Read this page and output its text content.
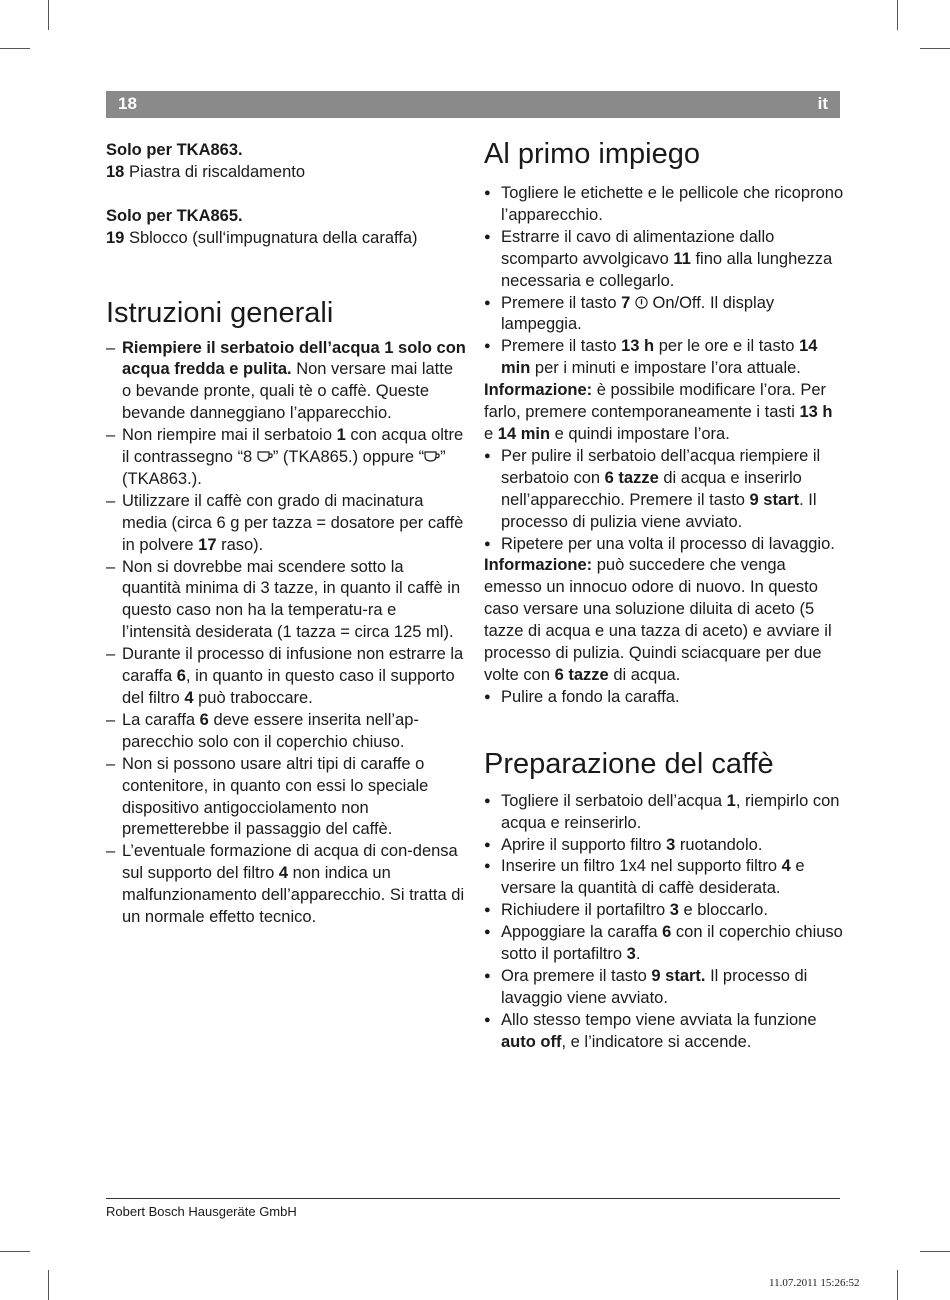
18	it

Solo per TKA863.
18 Piastra di riscaldamento

Solo per TKA865.
19 Sblocco (sull‘impugnatura della caraffa)

Istruzioni generali
– Riempiere il serbatoio dell’acqua 1 solo con acqua fredda e pulita. Non versare mai latte o bevande pronte, quali tè o caffè. Queste bevande danneggiano l’apparecchio.
– Non riempire mai il serbatoio 1 con acqua oltre il contrassegno “8 ” (TKA865.) oppure “ ” (TKA863.).
– Utilizzare il caffè con grado di macinatura media (circa 6 g per tazza = dosatore per caffè in polvere 17 raso).
– Non si dovrebbe mai scendere sotto la quantità minima di 3 tazze, in quanto il caffè in questo caso non ha la temperatu-ra e l’intensità desiderata (1 tazza = circa 125 ml).
– Durante il processo di infusione non estrarre la caraffa 6, in quanto in questo caso il supporto del filtro 4 può traboccare.
– La caraffa 6 deve essere inserita nell’ap-parecchio solo con il coperchio chiuso.
– Non si possono usare altri tipi di caraffe o contenitore, in quanto con essi lo speciale dispositivo antigocciolamento non premetterebbe il passaggio del caffè.
– L’eventuale formazione di acqua di con-densa sul supporto del filtro 4 non indica un malfunzionamento dell’apparecchio. Si tratta di un normale effetto tecnico.
Al primo impiego
● Togliere le etichette e le pellicole che ricoprono l’apparecchio.
● Estrarre il cavo di alimentazione dallo scomparto avvolgicavo 11 fino alla lunghezza necessaria e collegarlo.
● Premere il tasto 7  On/Off. Il display lampeggia.
● Premere il tasto 13 h per le ore e il tasto 14 min per i minuti e impostare l’ora attuale.

Informazione: è possibile modificare l’ora. Per farlo, premere contemporaneamente i tasti 13 h e 14 min e quindi impostare l’ora.

● Per pulire il serbatoio dell’acqua riempiere il serbatoio con 6 tazze di acqua e inserirlo nell’apparecchio. Premere il tasto 9 start. Il processo di pulizia viene avviato.
● Ripetere per una volta il processo di lavaggio.

Informazione: può succedere che venga emesso un innocuo odore di nuovo. In questo caso versare una soluzione diluita di aceto (5 tazze di acqua e una tazza di aceto) e avviare il processo di pulizia. Quindi sciacquare per due volte con 6 tazze di acqua.

● Pulire a fondo la caraffa.
Preparazione del caffè
● Togliere il serbatoio dell’acqua 1, riempirlo con acqua e reinserirlo.
● Aprire il supporto filtro 3 ruotandolo.
● Inserire un filtro 1x4 nel supporto filtro 4 e versare la quantità di caffè desiderata.
● Richiudere il portafiltro 3 e bloccarlo.
● Appoggiare la caraffa 6 con il coperchio chiuso sotto il portafiltro 3.
● Ora premere il tasto 9 start. Il processo di lavaggio viene avviato.
● Allo stesso tempo viene avviata la funzione auto off, e l’indicatore si accende.
Robert Bosch Hausgeräte GmbH
11.07.2011 15:26:52
